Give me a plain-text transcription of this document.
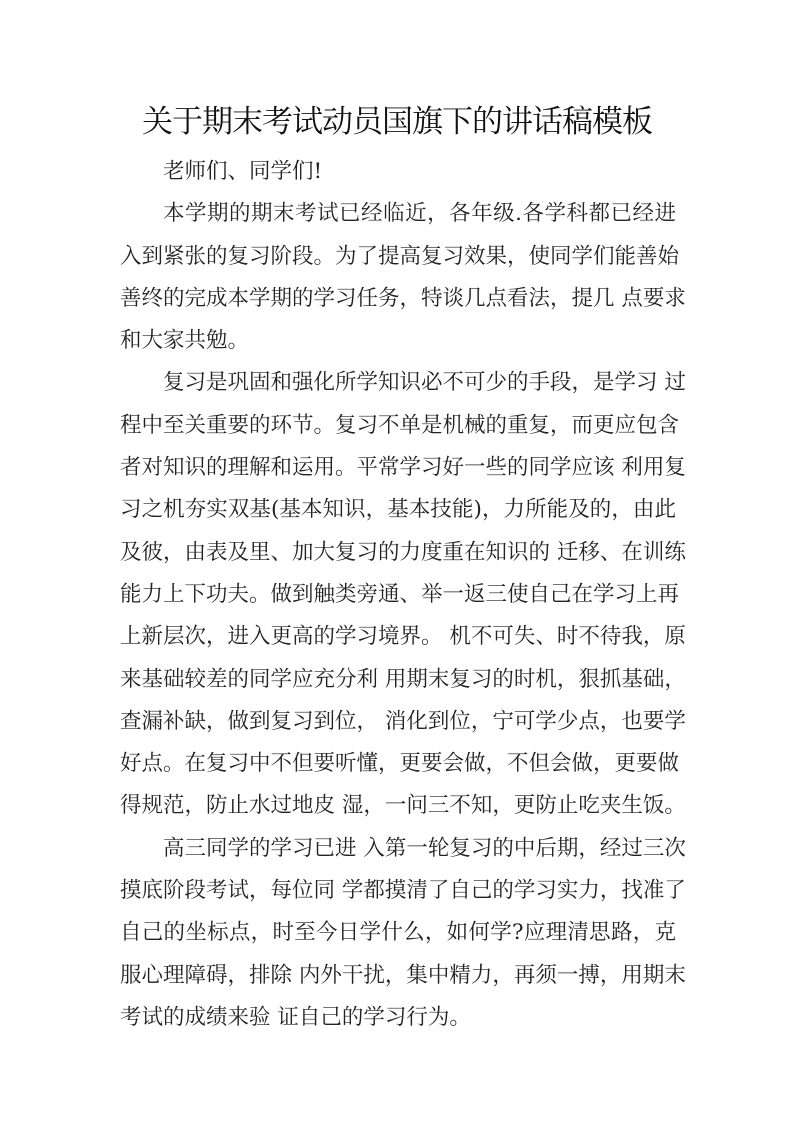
关于期末考试动员国旗下的讲话稿模板
老师们、同学们!
本学期的期末考试已经临近，各年级.各学科都已经进
入到紧张的复习阶段。为了提高复习效果，使同学们能善始
善终的完成本学期的学习任务，特谈几点看法，提几 点要求
和大家共勉。
复习是巩固和强化所学知识必不可少的手段，是学习 过
程中至关重要的环节。复习不单是机械的重复，而更应包含
者对知识的理解和运用。平常学习好一些的同学应该 利用复
习之机夯实双基(基本知识，基本技能)，力所能及的，由此
及彼，由表及里、加大复习的力度重在知识的 迁移、在训练
能力上下功夫。做到触类旁通、举一返三使自己在学习上再
上新层次，进入更高的学习境界。 机不可失、时不待我，原
来基础较差的同学应充分利 用期末复习的时机，狠抓基础，
查漏补缺，做到复习到位， 消化到位，宁可学少点，也要学
好点。在复习中不但要听懂，更要会做，不但会做，更要做
得规范，防止水过地皮 湿，一问三不知，更防止吃夹生饭。
高三同学的学习已进 入第一轮复习的中后期，经过三次
摸底阶段考试，每位同 学都摸清了自己的学习实力，找准了
自己的坐标点，时至今日学什么，如何学?应理清思路，克
服心理障碍，排除 内外干扰，集中精力，再须一搏，用期末
考试的成绩来验 证自己的学习行为。
